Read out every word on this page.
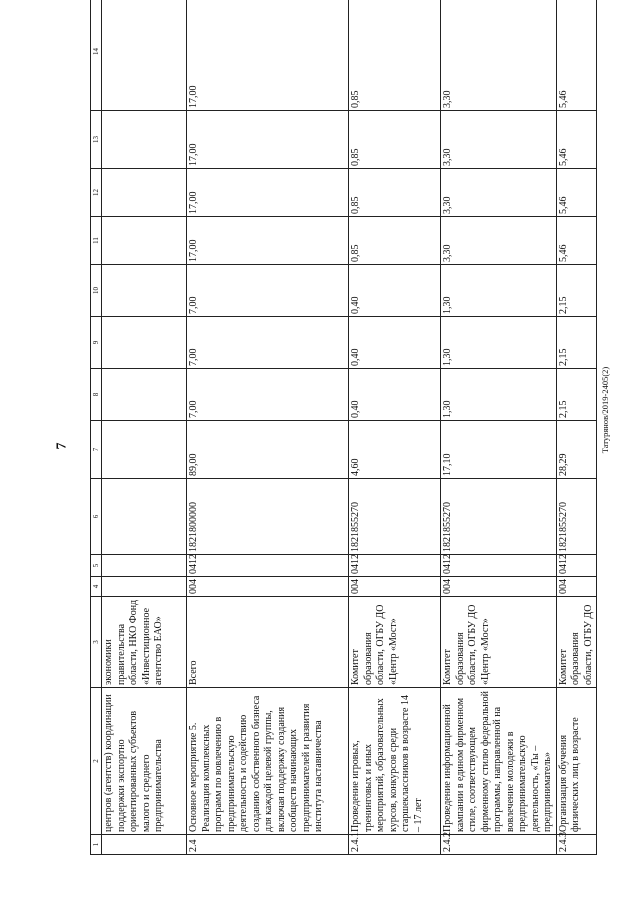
7	Татурянов/2019-2405(2)
1	2	3	4	5	6	7	8	9	10	11	12	13	14
	центров (агентств) координации поддержки экспортно ориентированных субъектов малого и среднего предпринимательства	экономики правительства области, НКО Фонд «Инвестиционное агентство ЕАО»											
2.4	Основное мероприятие 5. Реализация комплексных программ по вовлечению в предпринимательскую деятельность и содействию созданию собственного бизнеса для каждой целевой группы, включая поддержку создания сообществ начинающих предпринимателей и развития института наставничества	Всего	004	0412	1821800000	89,00	7,00	7,00	7,00	17,00	17,00	17,00	17,00
2.4.1	Проведение игровых, тренинговых и иных мероприятий, образовательных курсов, конкурсов среди старшеклассников в возрасте 14 – 17 лет	Комитет образования области, ОГБУ ДО «Центр «Мост»	004	0412	1821855270	4,60	0,40	0,40	0,40	0,85	0,85	0,85	0,85
2.4.2	Проведение информационной кампании в едином фирменном стиле, соответствующем фирменному стилю федеральной программы, направленной на вовлечение молодежи в предпринимательскую деятельность, «Ты – предприниматель»	Комитет образования области, ОГБУ ДО «Центр «Мост»	004	0412	1821855270	17,10	1,30	1,30	1,30	3,30	3,30	3,30	3,30
2.4.3	Организация обучения физических лиц в возрасте	Комитет образования области, ОГБУ ДО	004	0412	1821855270	28,29	2,15	2,15	2,15	5,46	5,46	5,46	5,46
